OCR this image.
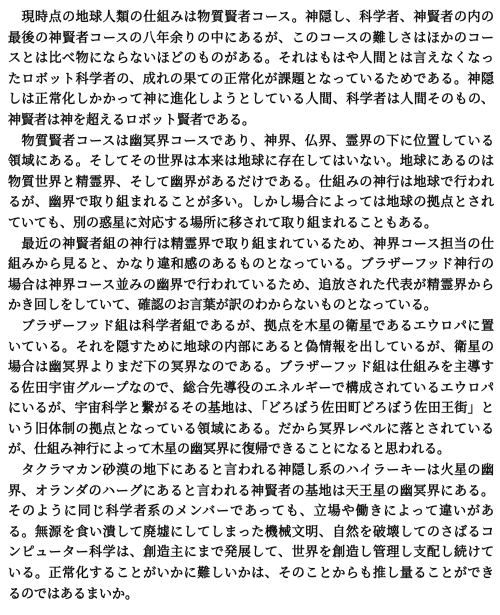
　現時点の地球人類の仕組みは物質賢者コース。神隠し、科学者、神賢者の内の
最後の神賢者コースの八年余りの中にあるが、このコースの難しさはほかのコー
スとは比べ物にならないほどのものがある。それはもはや人間とは言えなくなっ
たロボット科学者の、成れの果ての正常化が課題となっているためである。神隠
しは正常化しかかって神に進化しようとしている人間、科学者は人間そのもの、
神賢者は神を超えるロボット賢者である。
　物質賢者コースは幽冥界コースであり、神界、仏界、霊界の下に位置している
領域にある。そしてその世界は本来は地球に存在してはいない。地球にあるのは
物質世界と精霊界、そして幽界があるだけである。仕組みの神行は地球で行われ
るが、幽界で取り組まれることが多い。しかし場合によっては地球の拠点とされ
ていても、別の惑星に対応する場所に移されて取り組まれることもある。
　最近の神賢者組の神行は精霊界で取り組まれているため、神界コース担当の仕
組みから見ると、かなり違和感のあるものとなっている。ブラザーフッド神行の
場合は神界コース並みの幽界で行われているため、追放された代表が精霊界から
かき回しをしていて、確認のお言葉が訳のわからないものとなっている。
　ブラザーフッド組は科学者組であるが、拠点を木星の衛星であるエウロパに置
いている。それを隠すために地球の内部にあると偽情報を出しているが、衛星の
場合は幽冥界よりまだ下の冥界なのである。ブラザーフッド組は仕組みを主導す
る佐田宇宙グループなので、総合先導役のエネルギーで構成されているエウロパ
にいるが、宇宙科学と繋がるその基地は、「どろぼう佐田町どろぼう佐田王街」と
いう旧体制の拠点となっている領域にある。だから冥界レベルに落とされている
が、仕組み神行によって木星の幽冥界に復帰できることになると思われる。
　タクラマカン砂漠の地下にあると言われる神隠し系のハイラーキーは火星の幽
界、オランダのハーグにあると言われる神賢者の基地は天王星の幽冥界にある。
そのように同じ科学者系のメンバーであっても、立場や働きによって違いがあ
る。無源を食い潰して廃墟にしてしまった機械文明、自然を破壊してのさばるコ
ンピューター科学は、創造主にまで発展して、世界を創造し管理し支配し続けて
いる。正常化することがいかに難しいかは、そのことからも推し量ることができ
るのではあるまいか。
